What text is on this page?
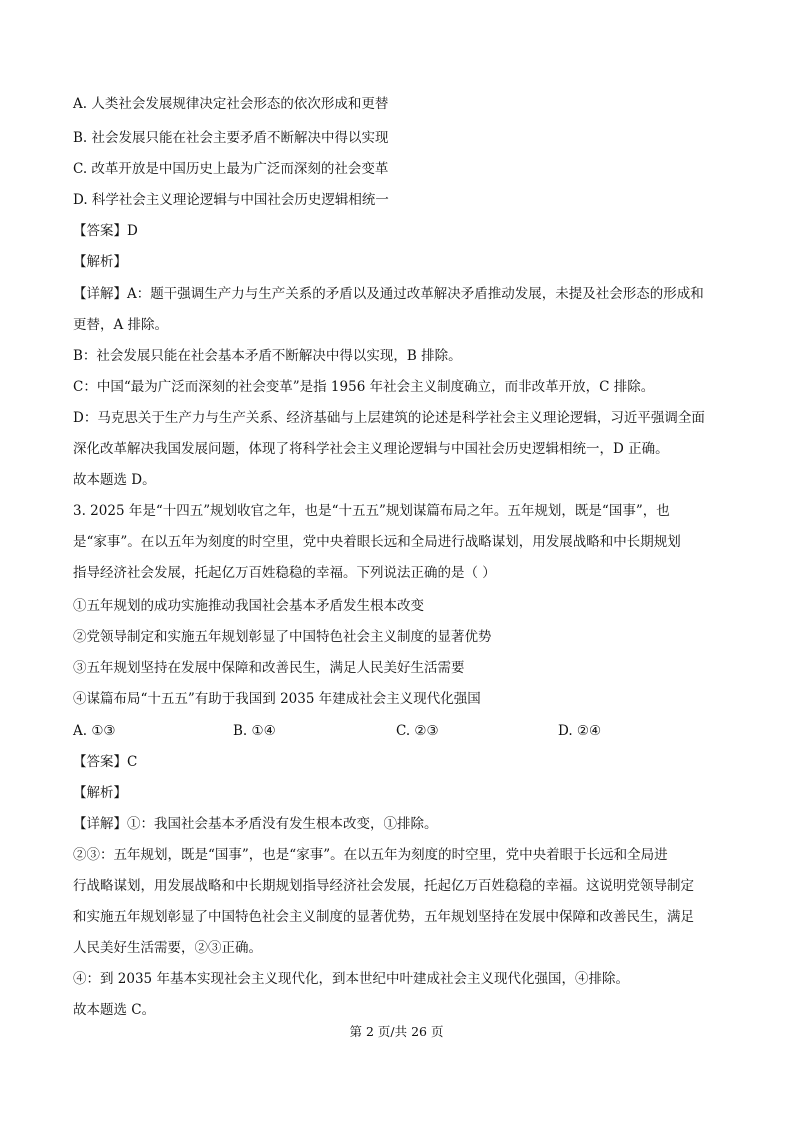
A. 人类社会发展规律决定社会形态的依次形成和更替
B. 社会发展只能在社会主要矛盾不断解决中得以实现
C. 改革开放是中国历史上最为广泛而深刻的社会变革
D. 科学社会主义理论逻辑与中国社会历史逻辑相统一
【答案】D
【解析】
【详解】A：题干强调生产力与生产关系的矛盾以及通过改革解决矛盾推动发展，未提及社会形态的形成和
更替，A 排除。
B：社会发展只能在社会基本矛盾不断解决中得以实现，B 排除。
C：中国“最为广泛而深刻的社会变革”是指 1956 年社会主义制度确立，而非改革开放，C 排除。
D：马克思关于生产力与生产关系、经济基础与上层建筑的论述是科学社会主义理论逻辑，习近平强调全面
深化改革解决我国发展问题，体现了将科学社会主义理论逻辑与中国社会历史逻辑相统一，D 正确。
故本题选 D。
3. 2025 年是“十四五”规划收官之年，也是“十五五”规划谋篇布局之年。五年规划，既是“国事”，也
是“家事”。在以五年为刻度的时空里，党中央着眼长远和全局进行战略谋划，用发展战略和中长期规划
指导经济社会发展，托起亿万百姓稳稳的幸福。下列说法正确的是（ ）
①五年规划的成功实施推动我国社会基本矛盾发生根本改变
②党领导制定和实施五年规划彰显了中国特色社会主义制度的显著优势
③五年规划坚持在发展中保障和改善民生，满足人民美好生活需要
④谋篇布局“十五五”有助于我国到 2035 年建成社会主义现代化强国
A. ①③	B. ①④	C. ②③	D. ②④
【答案】C
【解析】
【详解】①：我国社会基本矛盾没有发生根本改变，①排除。
②③：五年规划，既是“国事”，也是“家事”。在以五年为刻度的时空里，党中央着眼于长远和全局进
行战略谋划，用发展战略和中长期规划指导经济社会发展，托起亿万百姓稳稳的幸福。这说明党领导制定
和实施五年规划彰显了中国特色社会主义制度的显著优势，五年规划坚持在发展中保障和改善民生，满足
人民美好生活需要，②③正确。
④：到 2035 年基本实现社会主义现代化，到本世纪中叶建成社会主义现代化强国，④排除。
故本题选 C。
第 2 页/共 26 页
